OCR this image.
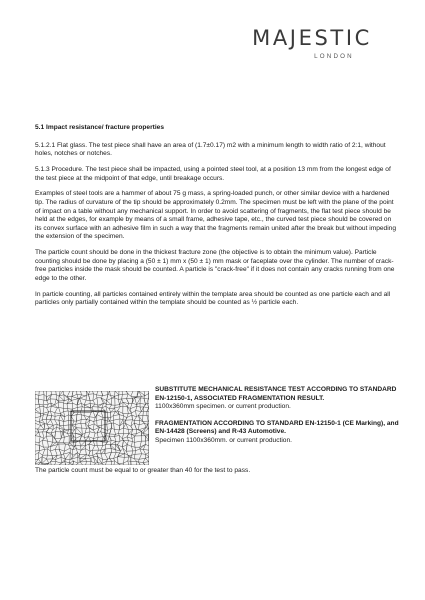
MAJESTIC
LONDON

5.1 Impact resistance/ fracture properties

5.1.2.1 Flat glass. The test piece shall have an area of (1.7±0.17) m2 with a minimum length to width ratio of 2:1, without holes, notches or notches.

5.1.3 Procedure. The test piece shall be impacted, using a pointed steel tool, at a position 13 mm from the longest edge of the test piece at the midpoint of that edge, until breakage occurs.

Examples of steel tools are a hammer of about 75 g mass, a spring-loaded punch, or other similar device with a hardened tip. The radius of curvature of the tip should be approximately 0.2mm. The specimen must be left with the plane of the point of impact on a table without any mechanical support. In order to avoid scattering of fragments, the flat test piece should be held at the edges, for example by means of a small frame, adhesive tape, etc., the curved test piece should be covered on its convex surface with an adhesive film in such a way that the fragments remain united after the break but without impeding the extension of the specimen.

The particle count should be done in the thickest fracture zone (the objective is to obtain the minimum value). Particle counting should be done by placing a (50 ± 1) mm x (50 ± 1) mm mask or faceplate over the cylinder. The number of crack-free particles inside the mask should be counted. A particle is "crack-free" if it does not contain any cracks running from one edge to the other.

In particle counting, all particles contained entirely within the template area should be counted as one particle each and all particles only partially contained within the template should be counted as ½ particle each.

SUBSTITUTE MECHANICAL RESISTANCE TEST ACCORDING TO STANDARD EN-12150-1, ASSOCIATED FRAGMENTATION RESULT.
1100x360mm specimen. or current production.

FRAGMENTATION ACCORDING TO STANDARD EN-12150-1 (CE Marking), and EN-14428 (Screens) and R-43 Automotive.
Specimen 1100x360mm. or current production.

The particle count must be equal to or greater than 40 for the test to pass.
